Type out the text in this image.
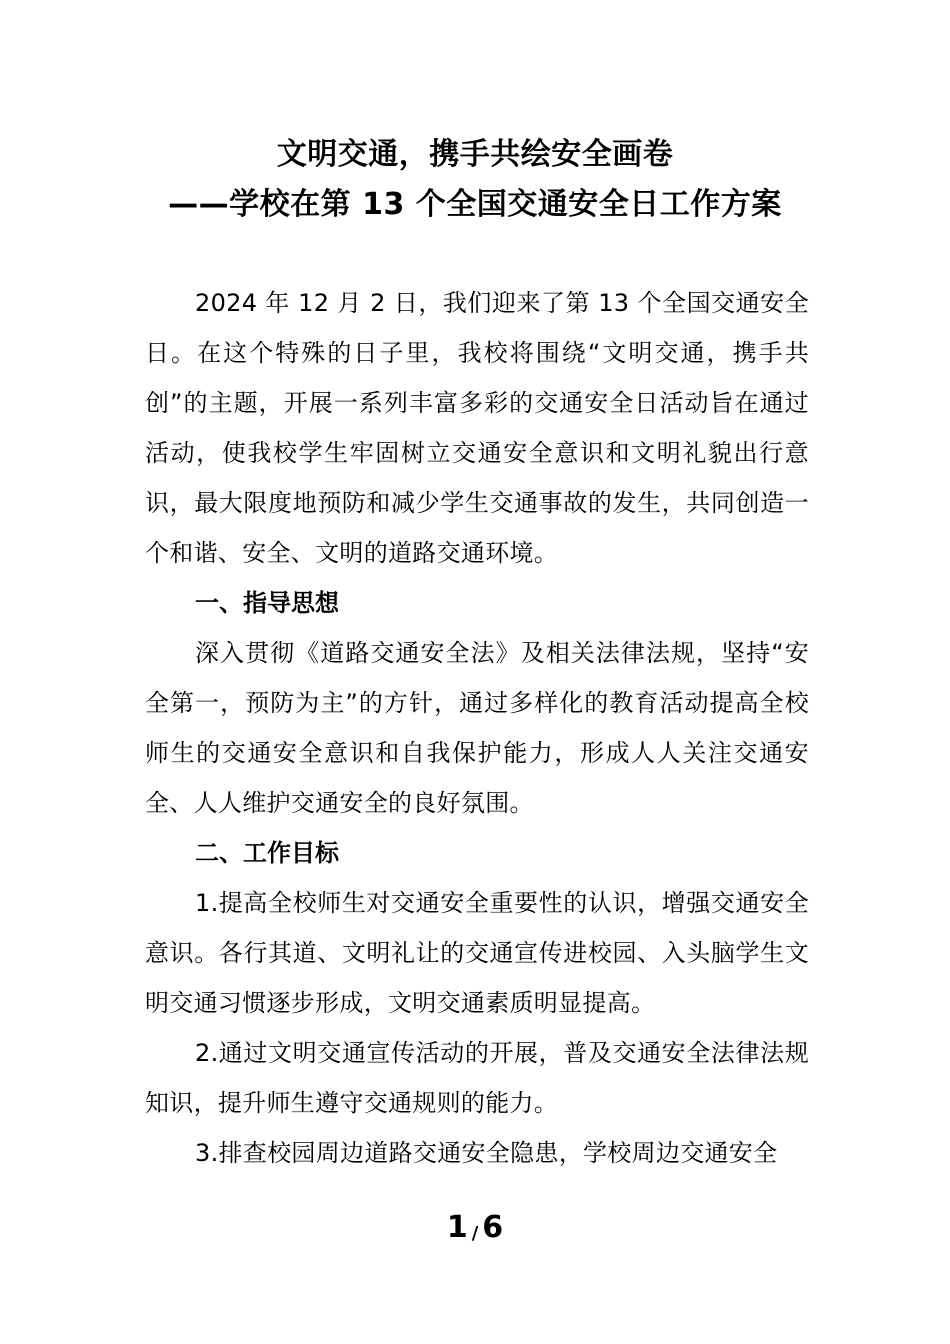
文明交通，携手共绘安全画卷
——学校在第 13 个全国交通安全日工作方案

2024 年 12 月 2 日，我们迎来了第 13 个全国交通安全日。在这个特殊的日子里，我校将围绕“文明交通，携手共创”的主题，开展一系列丰富多彩的交通安全日活动旨在通过活动，使我校学生牢固树立交通安全意识和文明礼貌出行意识，最大限度地预防和减少学生交通事故的发生，共同创造一个和谐、安全、文明的道路交通环境。

一、指导思想

深入贯彻《道路交通安全法》及相关法律法规，坚持“安全第一，预防为主”的方针，通过多样化的教育活动提高全校师生的交通安全意识和自我保护能力，形成人人关注交通安全、人人维护交通安全的良好氛围。

二、工作目标

1.提高全校师生对交通安全重要性的认识，增强交通安全意识。各行其道、文明礼让的交通宣传进校园、入头脑学生文明交通习惯逐步形成，文明交通素质明显提高。

2.通过文明交通宣传活动的开展，普及交通安全法律法规知识，提升师生遵守交通规则的能力。

3.排查校园周边道路交通安全隐患，学校周边交通安全

1 / 6
